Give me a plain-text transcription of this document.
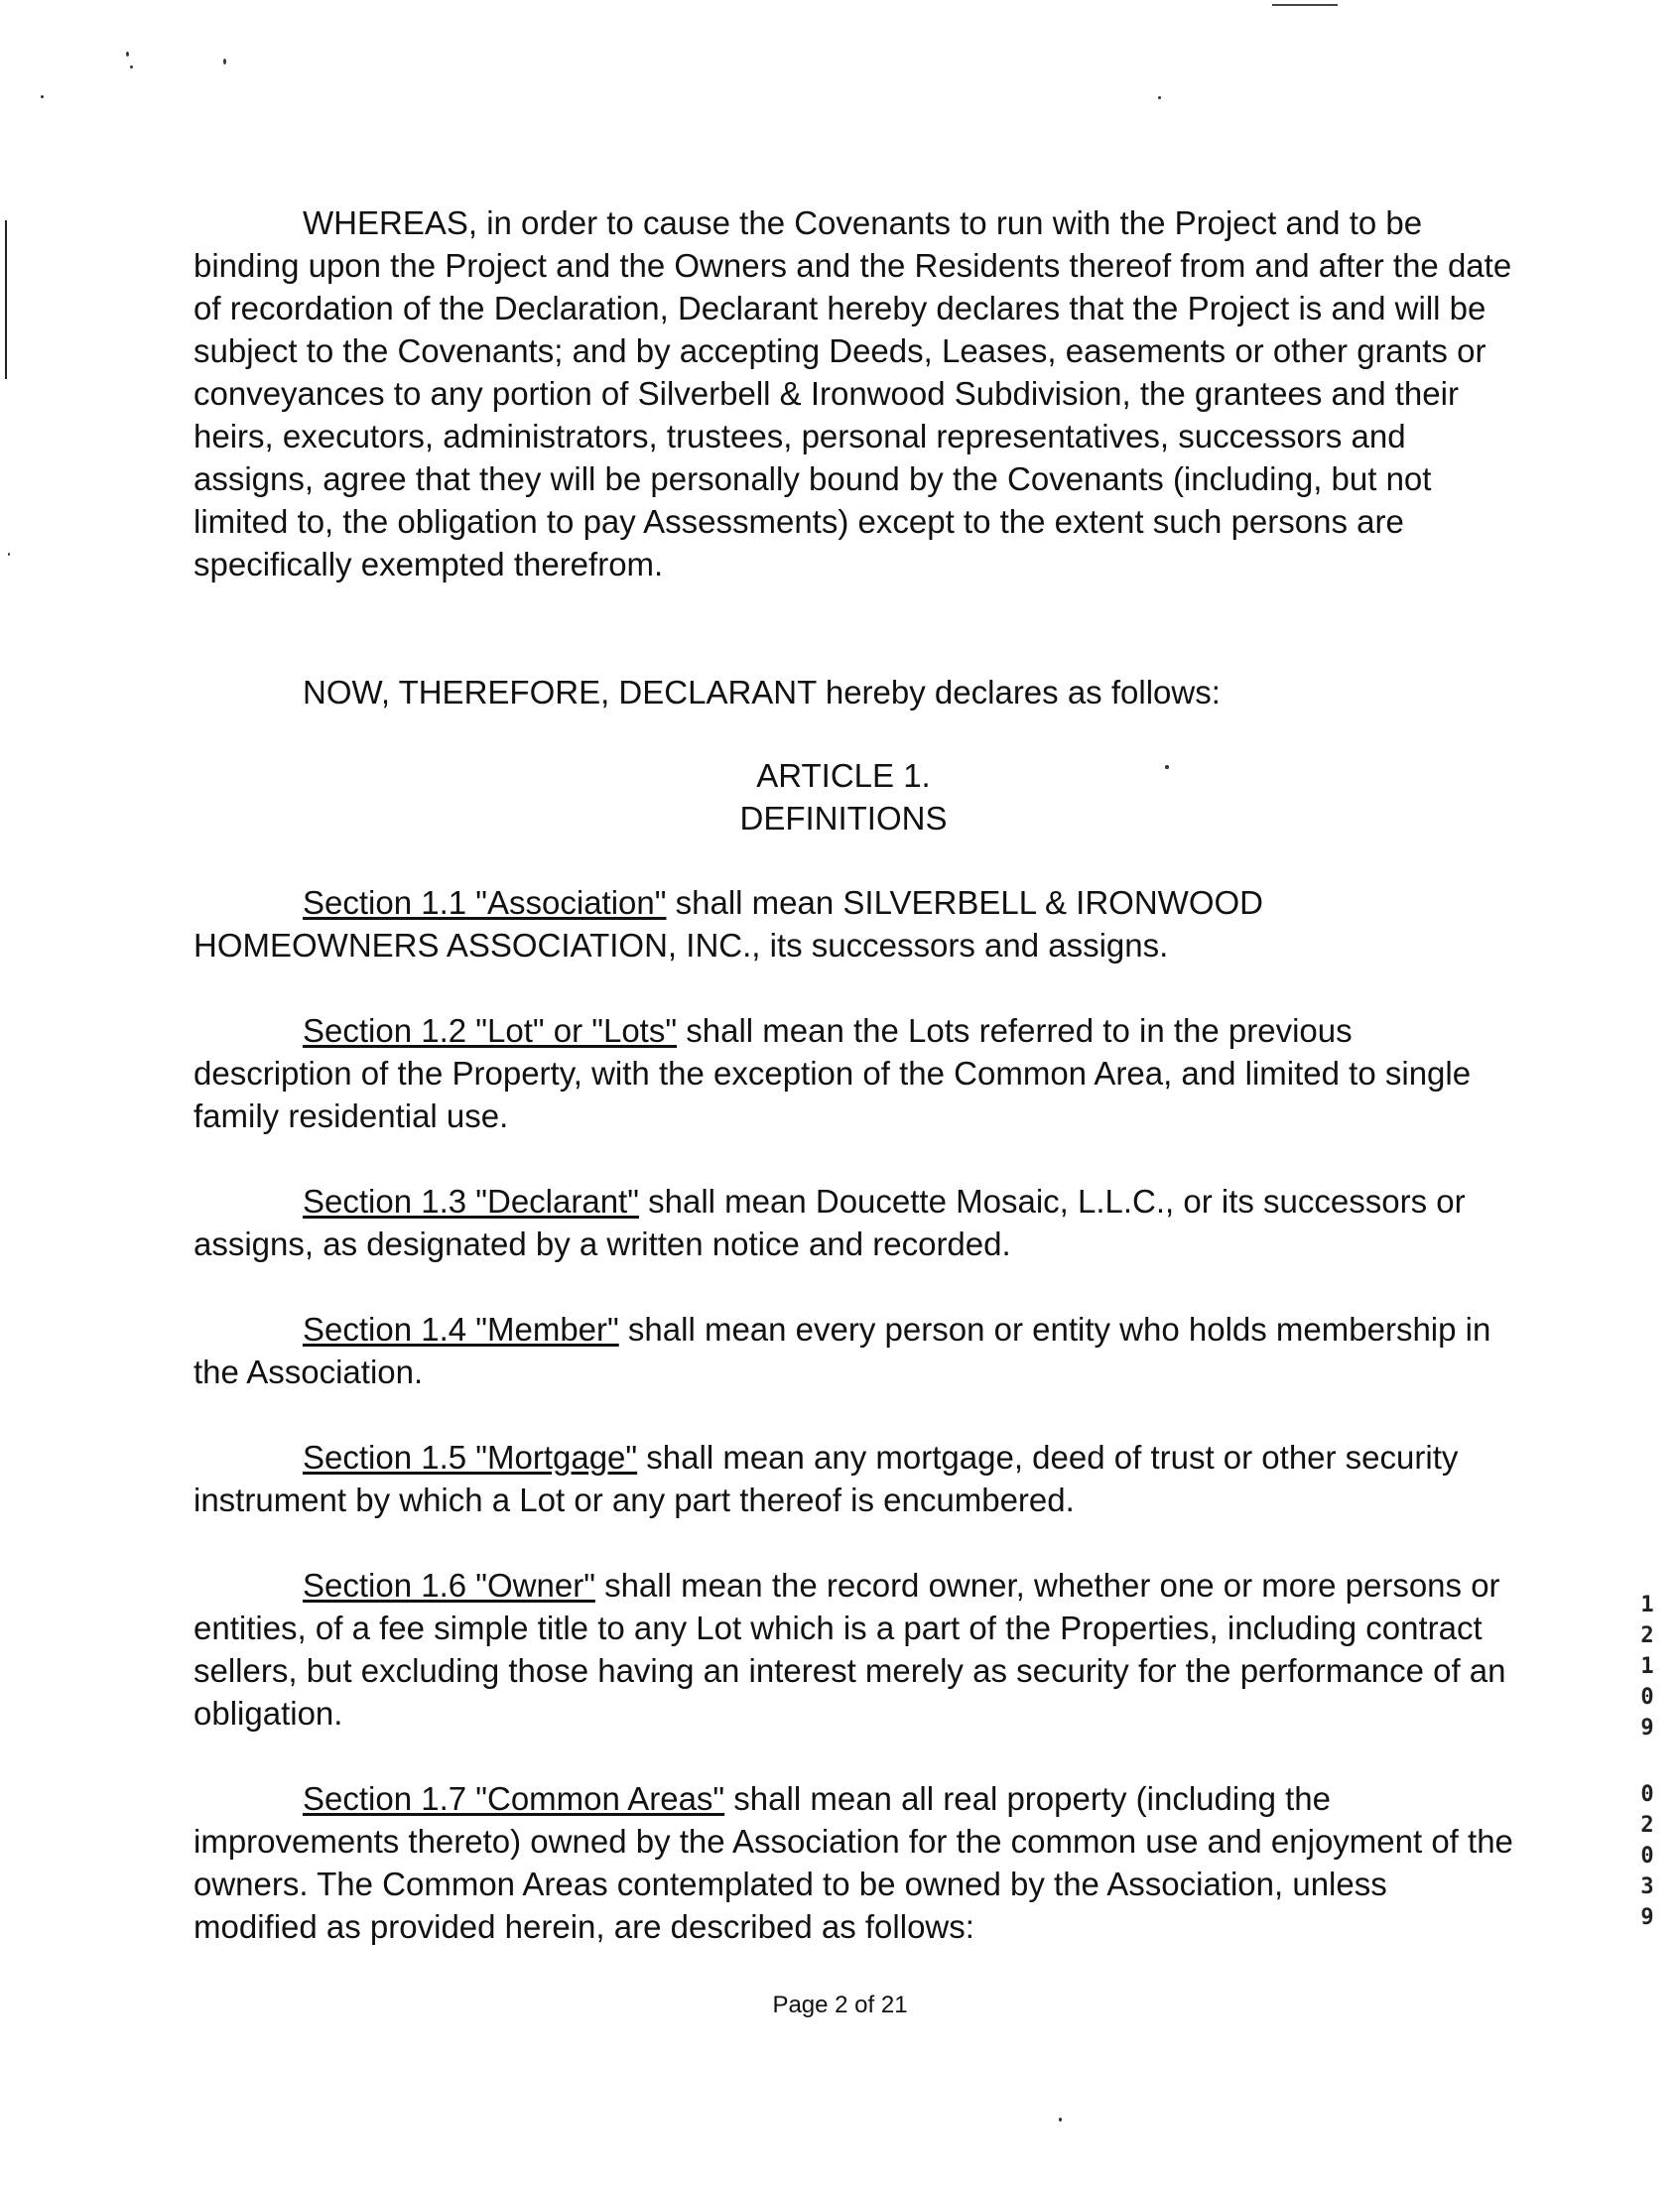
WHEREAS, in order to cause the Covenants to run with the Project and to be binding upon the Project and the Owners and the Residents thereof from and after the date of recordation of the Declaration, Declarant hereby declares that the Project is and will be subject to the Covenants; and by accepting Deeds, Leases, easements or other grants or conveyances to any portion of Silverbell & Ironwood Subdivision, the grantees and their heirs, executors, administrators, trustees, personal representatives, successors and assigns, agree that they will be personally bound by the Covenants (including, but not limited to, the obligation to pay Assessments) except to the extent such persons are specifically exempted therefrom.

NOW, THEREFORE, DECLARANT hereby declares as follows:

ARTICLE 1.
DEFINITIONS

Section 1.1 "Association" shall mean SILVERBELL & IRONWOOD HOMEOWNERS ASSOCIATION, INC., its successors and assigns.

Section 1.2 "Lot" or "Lots" shall mean the Lots referred to in the previous description of the Property, with the exception of the Common Area, and limited to single family residential use.

Section 1.3 "Declarant" shall mean Doucette Mosaic, L.L.C., or its successors or assigns, as designated by a written notice and recorded.

Section 1.4 "Member" shall mean every person or entity who holds membership in the Association.

Section 1.5 "Mortgage" shall mean any mortgage, deed of trust or other security instrument by which a Lot or any part thereof is encumbered.

Section 1.6 "Owner" shall mean the record owner, whether one or more persons or entities, of a fee simple title to any Lot which is a part of the Properties, including contract sellers, but excluding those having an interest merely as security for the performance of an obligation.

Section 1.7 "Common Areas" shall mean all real property (including the improvements thereto) owned by the Association for the common use and enjoyment of the owners. The Common Areas contemplated to be owned by the Association, unless modified as provided herein, are described as follows:

1
2
1
0
9
0
2
0
3
9
Page 2 of 21
